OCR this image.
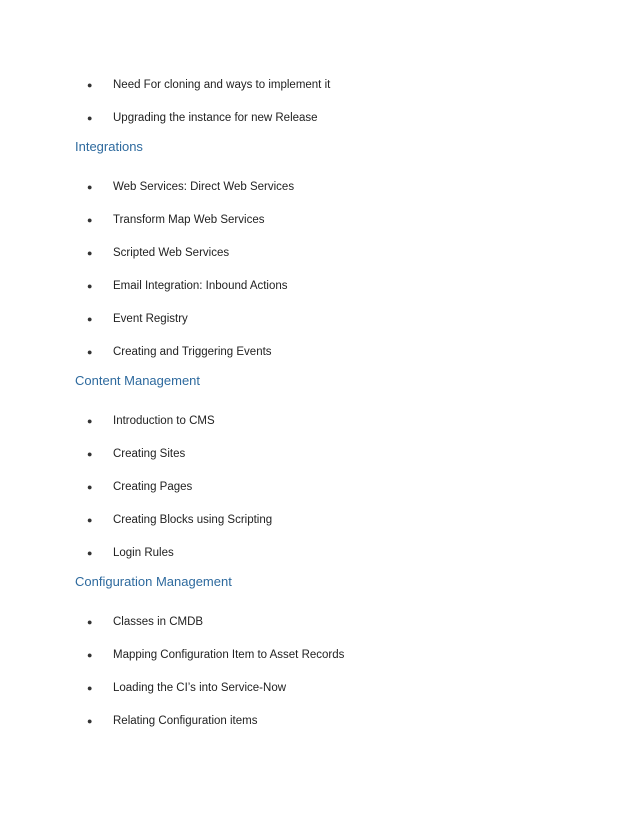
●	Need For cloning and ways to implement it
●	Upgrading the instance for new Release
Integrations
●	Web Services: Direct Web Services
●	Transform Map Web Services
●	Scripted Web Services
●	Email Integration: Inbound Actions
●	Event Registry
●	Creating and Triggering Events
Content Management
●	Introduction to CMS
●	Creating Sites
●	Creating Pages
●	Creating Blocks using Scripting
●	Login Rules
Configuration Management
●	Classes in CMDB
●	Mapping Configuration Item to Asset Records
●	Loading the CI’s into Service-Now
●	Relating Configuration items
